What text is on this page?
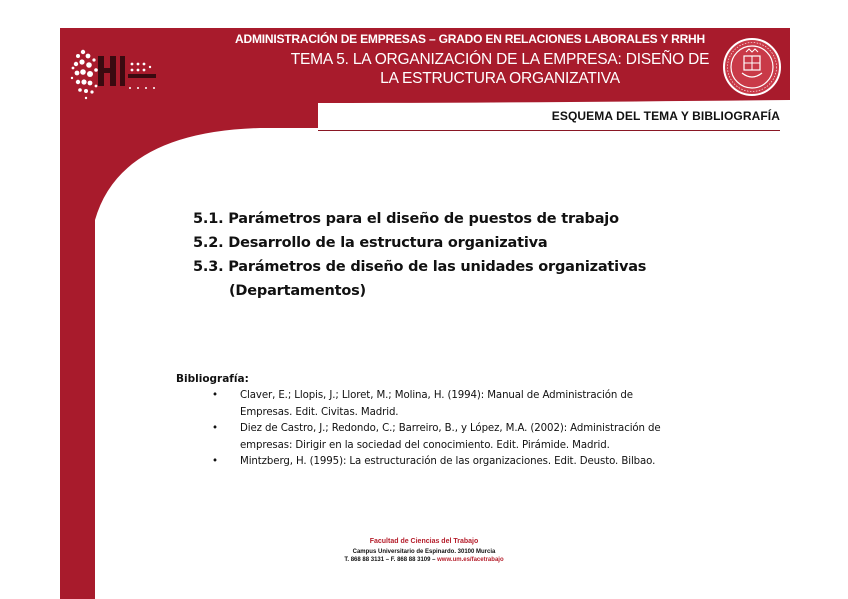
ADMINISTRACIÓN DE EMPRESAS – GRADO EN RELACIONES LABORALES Y RRHH
TEMA 5. LA ORGANIZACIÓN DE LA EMPRESA: DISEÑO DE
LA ESTRUCTURA ORGANIZATIVA
ESQUEMA DEL TEMA Y BIBLIOGRAFÍA
5.1. Parámetros para el diseño de puestos de trabajo
5.2. Desarrollo de la estructura organizativa
5.3. Parámetros de diseño de las unidades organizativas
(Departamentos)
Bibliografía:
• Claver, E.; Llopis, J.; Lloret, M.; Molina, H. (1994): Manual de Administración de
Empresas. Edit. Civitas. Madrid.
• Diez de Castro, J.; Redondo, C.; Barreiro, B., y López, M.A. (2002): Administración de
empresas: Dirigir en la sociedad del conocimiento. Edit. Pirámide. Madrid.
• Mintzberg, H. (1995): La estructuración de las organizaciones. Edit. Deusto. Bilbao.
Facultad de Ciencias del Trabajo
Campus Universitario de Espinardo. 30100 Murcia
T. 868 88 3131 – F. 868 88 3109 – www.um.es/facetrabajo
